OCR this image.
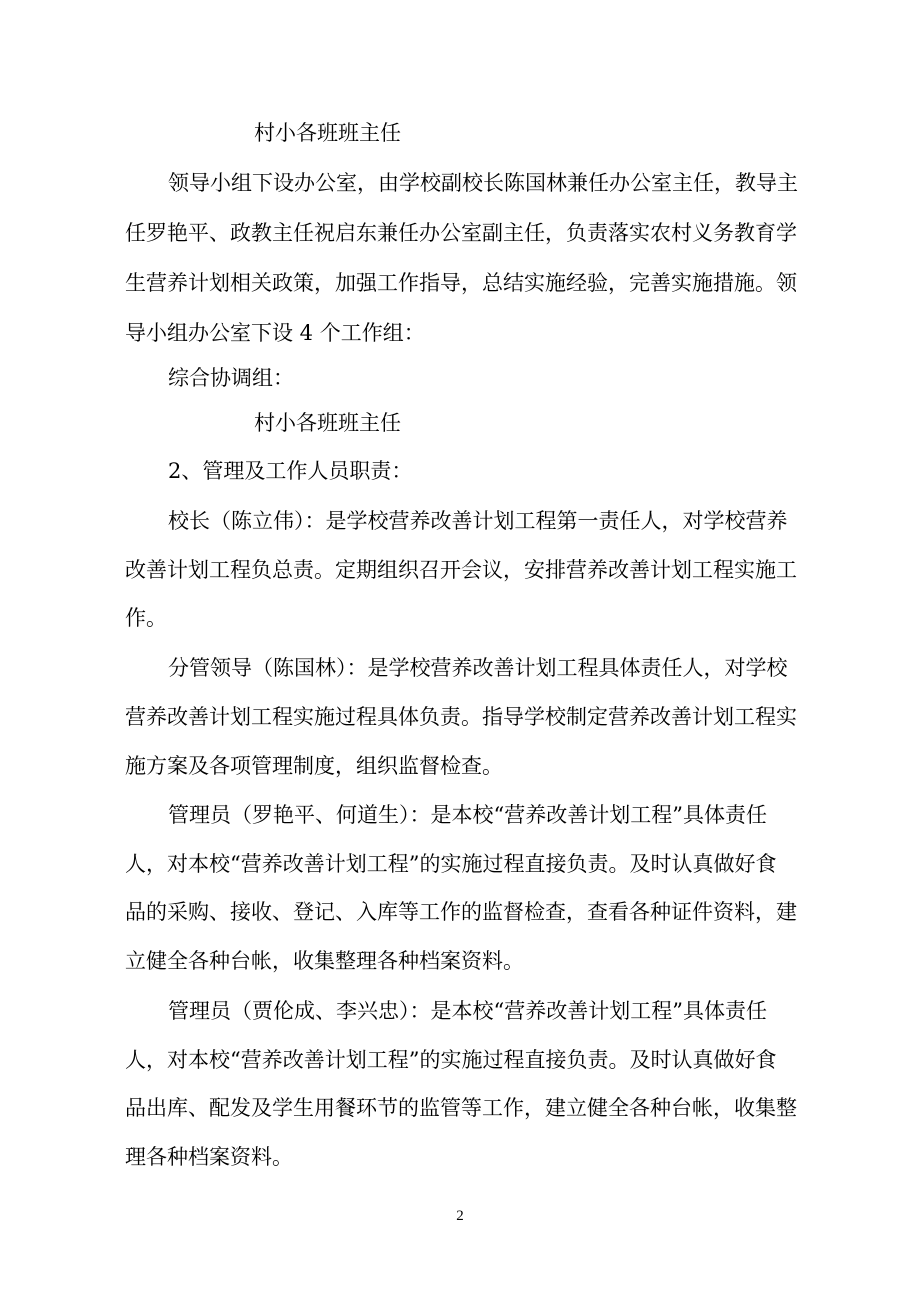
村小各班班主任

领导小组下设办公室，由学校副校长陈国林兼任办公室主任，教导主

任罗艳平、政教主任祝启东兼任办公室副主任，负责落实农村义务教育学

生营养计划相关政策，加强工作指导，总结实施经验，完善实施措施。领

导小组办公室下设 4 个工作组：

综合协调组：

村小各班班主任

2、管理及工作人员职责：

校长（陈立伟）：是学校营养改善计划工程第一责任人，对学校营养

改善计划工程负总责。定期组织召开会议，安排营养改善计划工程实施工

作。

分管领导（陈国林）：是学校营养改善计划工程具体责任人，对学校

营养改善计划工程实施过程具体负责。指导学校制定营养改善计划工程实

施方案及各项管理制度，组织监督检查。

管理员（罗艳平、何道生）：是本校“营养改善计划工程”具体责任

人，对本校“营养改善计划工程”的实施过程直接负责。及时认真做好食

品的采购、接收、登记、入库等工作的监督检查，查看各种证件资料，建

立健全各种台帐，收集整理各种档案资料。

管理员（贾伦成、李兴忠）：是本校“营养改善计划工程”具体责任

人，对本校“营养改善计划工程”的实施过程直接负责。及时认真做好食

品出库、配发及学生用餐环节的监管等工作，建立健全各种台帐，收集整

理各种档案资料。

2
